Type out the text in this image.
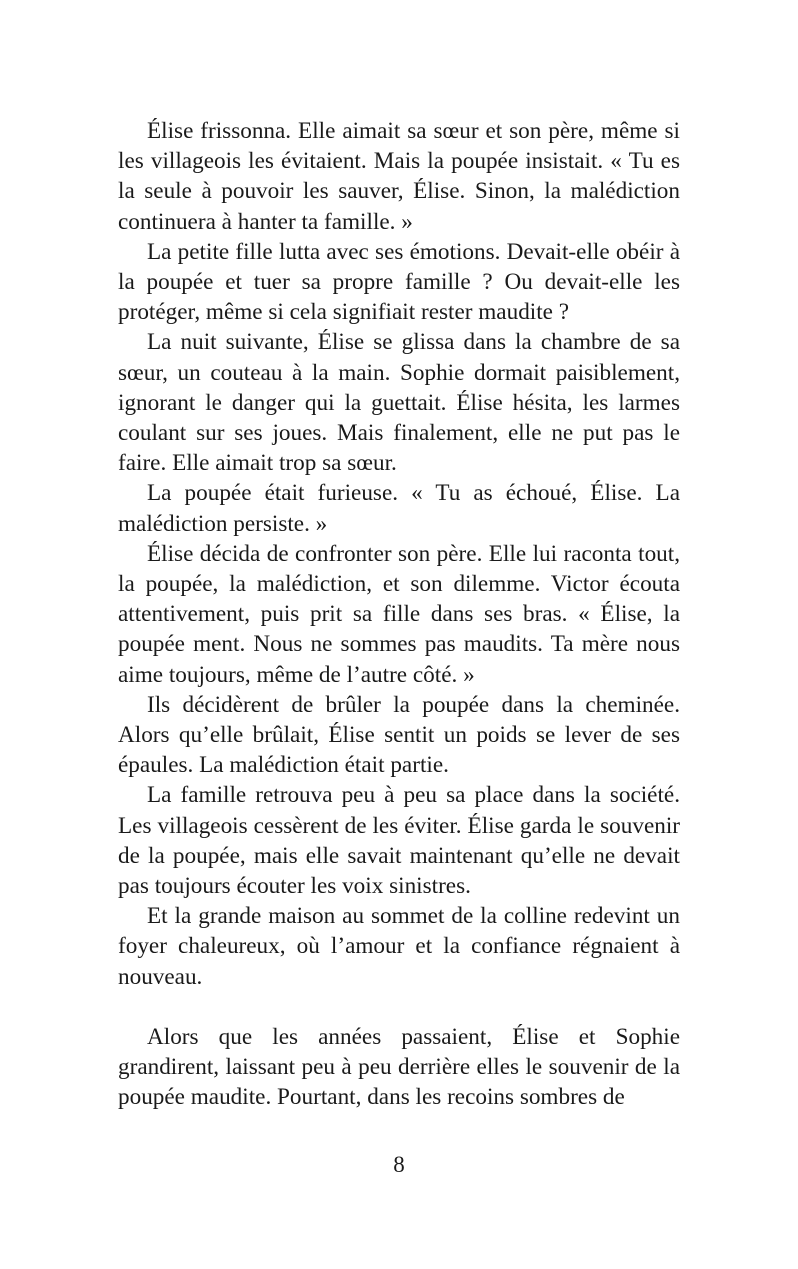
Élise frissonna. Elle aimait sa sœur et son père, même si les villageois les évitaient. Mais la poupée insistait. « Tu es la seule à pouvoir les sauver, Élise. Sinon, la malédiction continuera à hanter ta famille. »

La petite fille lutta avec ses émotions. Devait-elle obéir à la poupée et tuer sa propre famille ? Ou devait-elle les protéger, même si cela signifiait rester maudite ?

La nuit suivante, Élise se glissa dans la chambre de sa sœur, un couteau à la main. Sophie dormait paisiblement, ignorant le danger qui la guettait. Élise hésita, les larmes coulant sur ses joues. Mais finalement, elle ne put pas le faire. Elle aimait trop sa sœur.

La poupée était furieuse. « Tu as échoué, Élise. La malédiction persiste. »

Élise décida de confronter son père. Elle lui raconta tout, la poupée, la malédiction, et son dilemme. Victor écouta attentivement, puis prit sa fille dans ses bras. « Élise, la poupée ment. Nous ne sommes pas maudits. Ta mère nous aime toujours, même de l’autre côté. »

Ils décidèrent de brûler la poupée dans la cheminée. Alors qu’elle brûlait, Élise sentit un poids se lever de ses épaules. La malédiction était partie.

La famille retrouva peu à peu sa place dans la société. Les villageois cessèrent de les éviter. Élise garda le souvenir de la poupée, mais elle savait maintenant qu’elle ne devait pas toujours écouter les voix sinistres.

Et la grande maison au sommet de la colline redevint un foyer chaleureux, où l’amour et la confiance régnaient à nouveau.

Alors que les années passaient, Élise et Sophie grandirent, laissant peu à peu derrière elles le souvenir de la poupée maudite. Pourtant, dans les recoins sombres de

8
